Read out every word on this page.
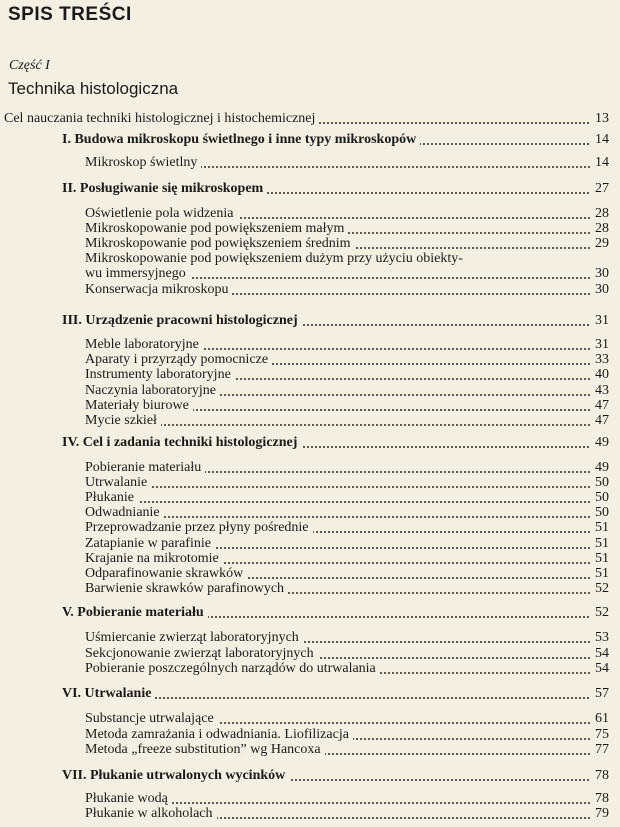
SPIS TREŚCI
Część I
Technika histologiczna
Cel nauczania techniki histologicznej i histochemicznej	13
I. Budowa mikroskopu świetlnego i inne typy mikroskopów	14
Mikroskop świetlny	14
II. Posługiwanie się mikroskopem	27
Oświetlenie pola widzenia	28
Mikroskopowanie pod powiększeniem małym	28
Mikroskopowanie pod powiększeniem średnim	29
Mikroskopowanie pod powiększeniem dużym przy użyciu obiekty-
wu immersyjnego	30
Konserwacja mikroskopu	30
III. Urządzenie pracowni histologicznej	31
Meble laboratoryjne	31
Aparaty i przyrządy pomocnicze	33
Instrumenty laboratoryjne	40
Naczynia laboratoryjne	43
Materiały biurowe	47
Mycie szkieł	47
IV. Cel i zadania techniki histologicznej	49
Pobieranie materiału	49
Utrwalanie	50
Płukanie	50
Odwadnianie	50
Przeprowadzanie przez płyny pośrednie	51
Zatapianie w parafinie	51
Krajanie na mikrotomie	51
Odparafinowanie skrawków	51
Barwienie skrawków parafinowych	52
V. Pobieranie materiału	52
Uśmiercanie zwierząt laboratoryjnych	53
Sekcjonowanie zwierząt laboratoryjnych	54
Pobieranie poszczególnych narządów do utrwalania	54
VI. Utrwalanie	57
Substancje utrwalające	61
Metoda zamrażania i odwadniania. Liofilizacja	75
Metoda „freeze substitution” wg Hancoxa	77
VII. Płukanie utrwalonych wycinków	78
Płukanie wodą	78
Płukanie w alkoholach	79
